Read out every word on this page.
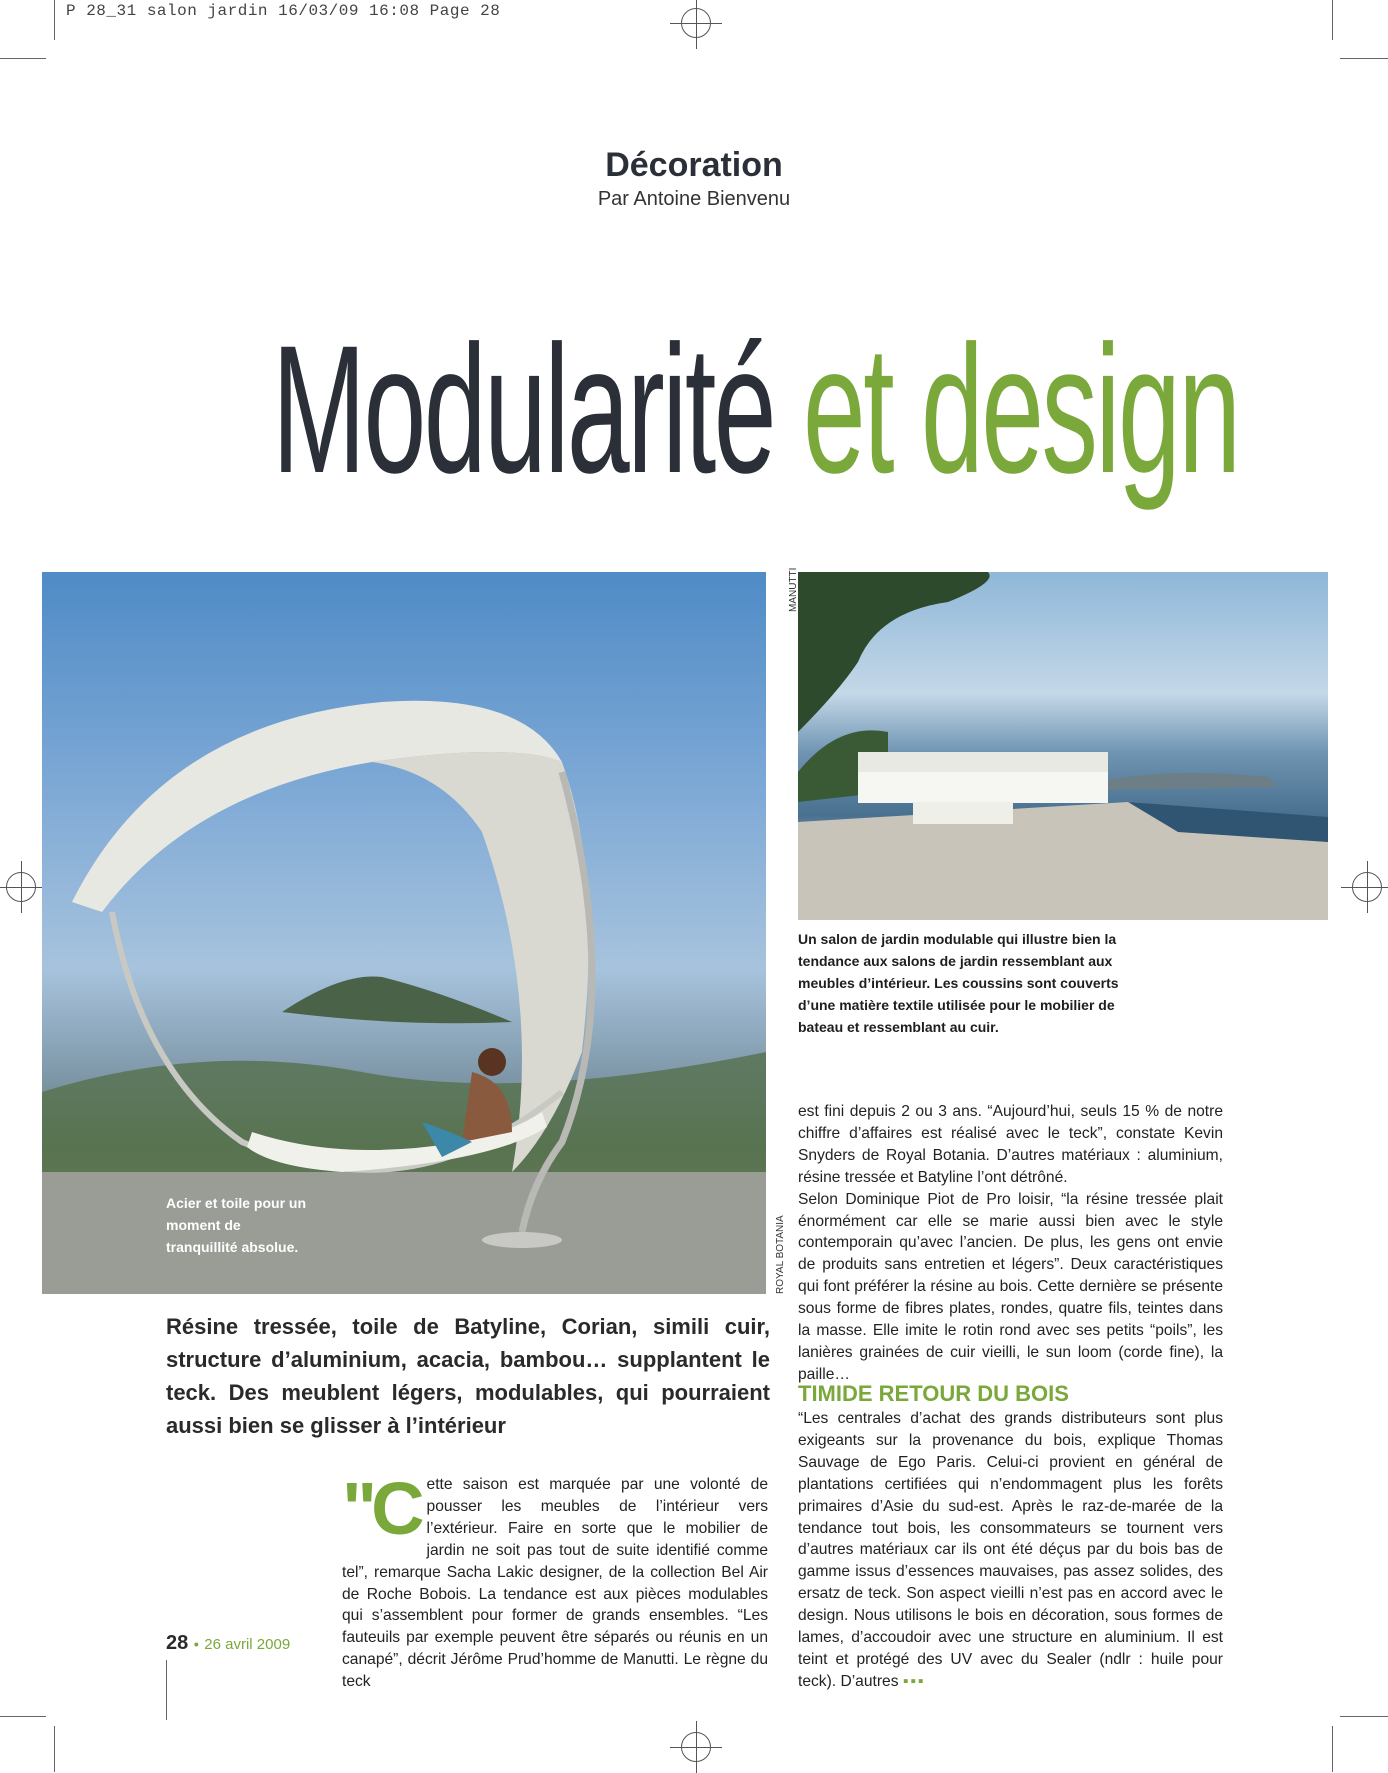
P 28_31 salon jardin 16/03/09 16:08 Page 28
Décoration
Par Antoine Bienvenu
Modularité et design
Acier et toile pour un moment de tranquillité absolue.	ROYAL BOTANIA
MANUTTI
Un salon de jardin modulable qui illustre bien la tendance aux salons de jardin ressemblant aux meubles d’intérieur. Les coussins sont couverts d’une matière textile utilisée pour le mobilier de bateau et ressemblant au cuir.
Résine tressée, toile de Batyline, Corian, simili cuir, structure d’aluminium, acacia, bambou… supplantent le teck. Des meublent légers, modulables, qui pourraient aussi bien se glisser à l’intérieur
"Cette saison est marquée par une volonté de pousser les meubles de l’intérieur vers l’extérieur. Faire en sorte que le mobilier de jardin ne soit pas tout de suite identifié comme tel”, remarque Sacha Lakic designer, de la collection Bel Air de Roche Bobois. La tendance est aux pièces modulables qui s’assemblent pour former de grands ensembles. “Les fauteuils par exemple peuvent être séparés ou réunis en un canapé”, décrit Jérôme Prud’homme de Manutti. Le règne du teck
est fini depuis 2 ou 3 ans. “Aujourd’hui, seuls 15 % de notre chiffre d’affaires est réalisé avec le teck”, constate Kevin Snyders de Royal Botania. D’autres matériaux : aluminium, résine tressée et Batyline l’ont détrôné.
Selon Dominique Piot de Pro loisir, “la résine tressée plait énormément car elle se marie aussi bien avec le style contemporain qu’avec l’ancien. De plus, les gens ont envie de produits sans entretien et légers”. Deux caractéristiques qui font préférer la résine au bois. Cette dernière se présente sous forme de fibres plates, rondes, quatre fils, teintes dans la masse. Elle imite le rotin rond avec ses petits “poils”, les lanières grainées de cuir vieilli, le sun loom (corde fine), la paille…
TIMIDE RETOUR DU BOIS
“Les centrales d’achat des grands distributeurs sont plus exigeants sur la provenance du bois, explique Thomas Sauvage de Ego Paris. Celui-ci provient en général de plantations certifiées qui n’endommagent plus les forêts primaires d’Asie du sud-est. Après le raz-de-marée de la tendance tout bois, les consommateurs se tournent vers d’autres matériaux car ils ont été déçus par du bois bas de gamme issus d’essences mauvaises, pas assez solides, des ersatz de teck. Son aspect vieilli n’est pas en accord avec le design. Nous utilisons le bois en décoration, sous formes de lames, d’accoudoir avec une structure en aluminium. Il est teint et protégé des UV avec du Sealer (ndlr : huile pour teck). D’autres ▪▪▪
28 • 26 avril 2009
